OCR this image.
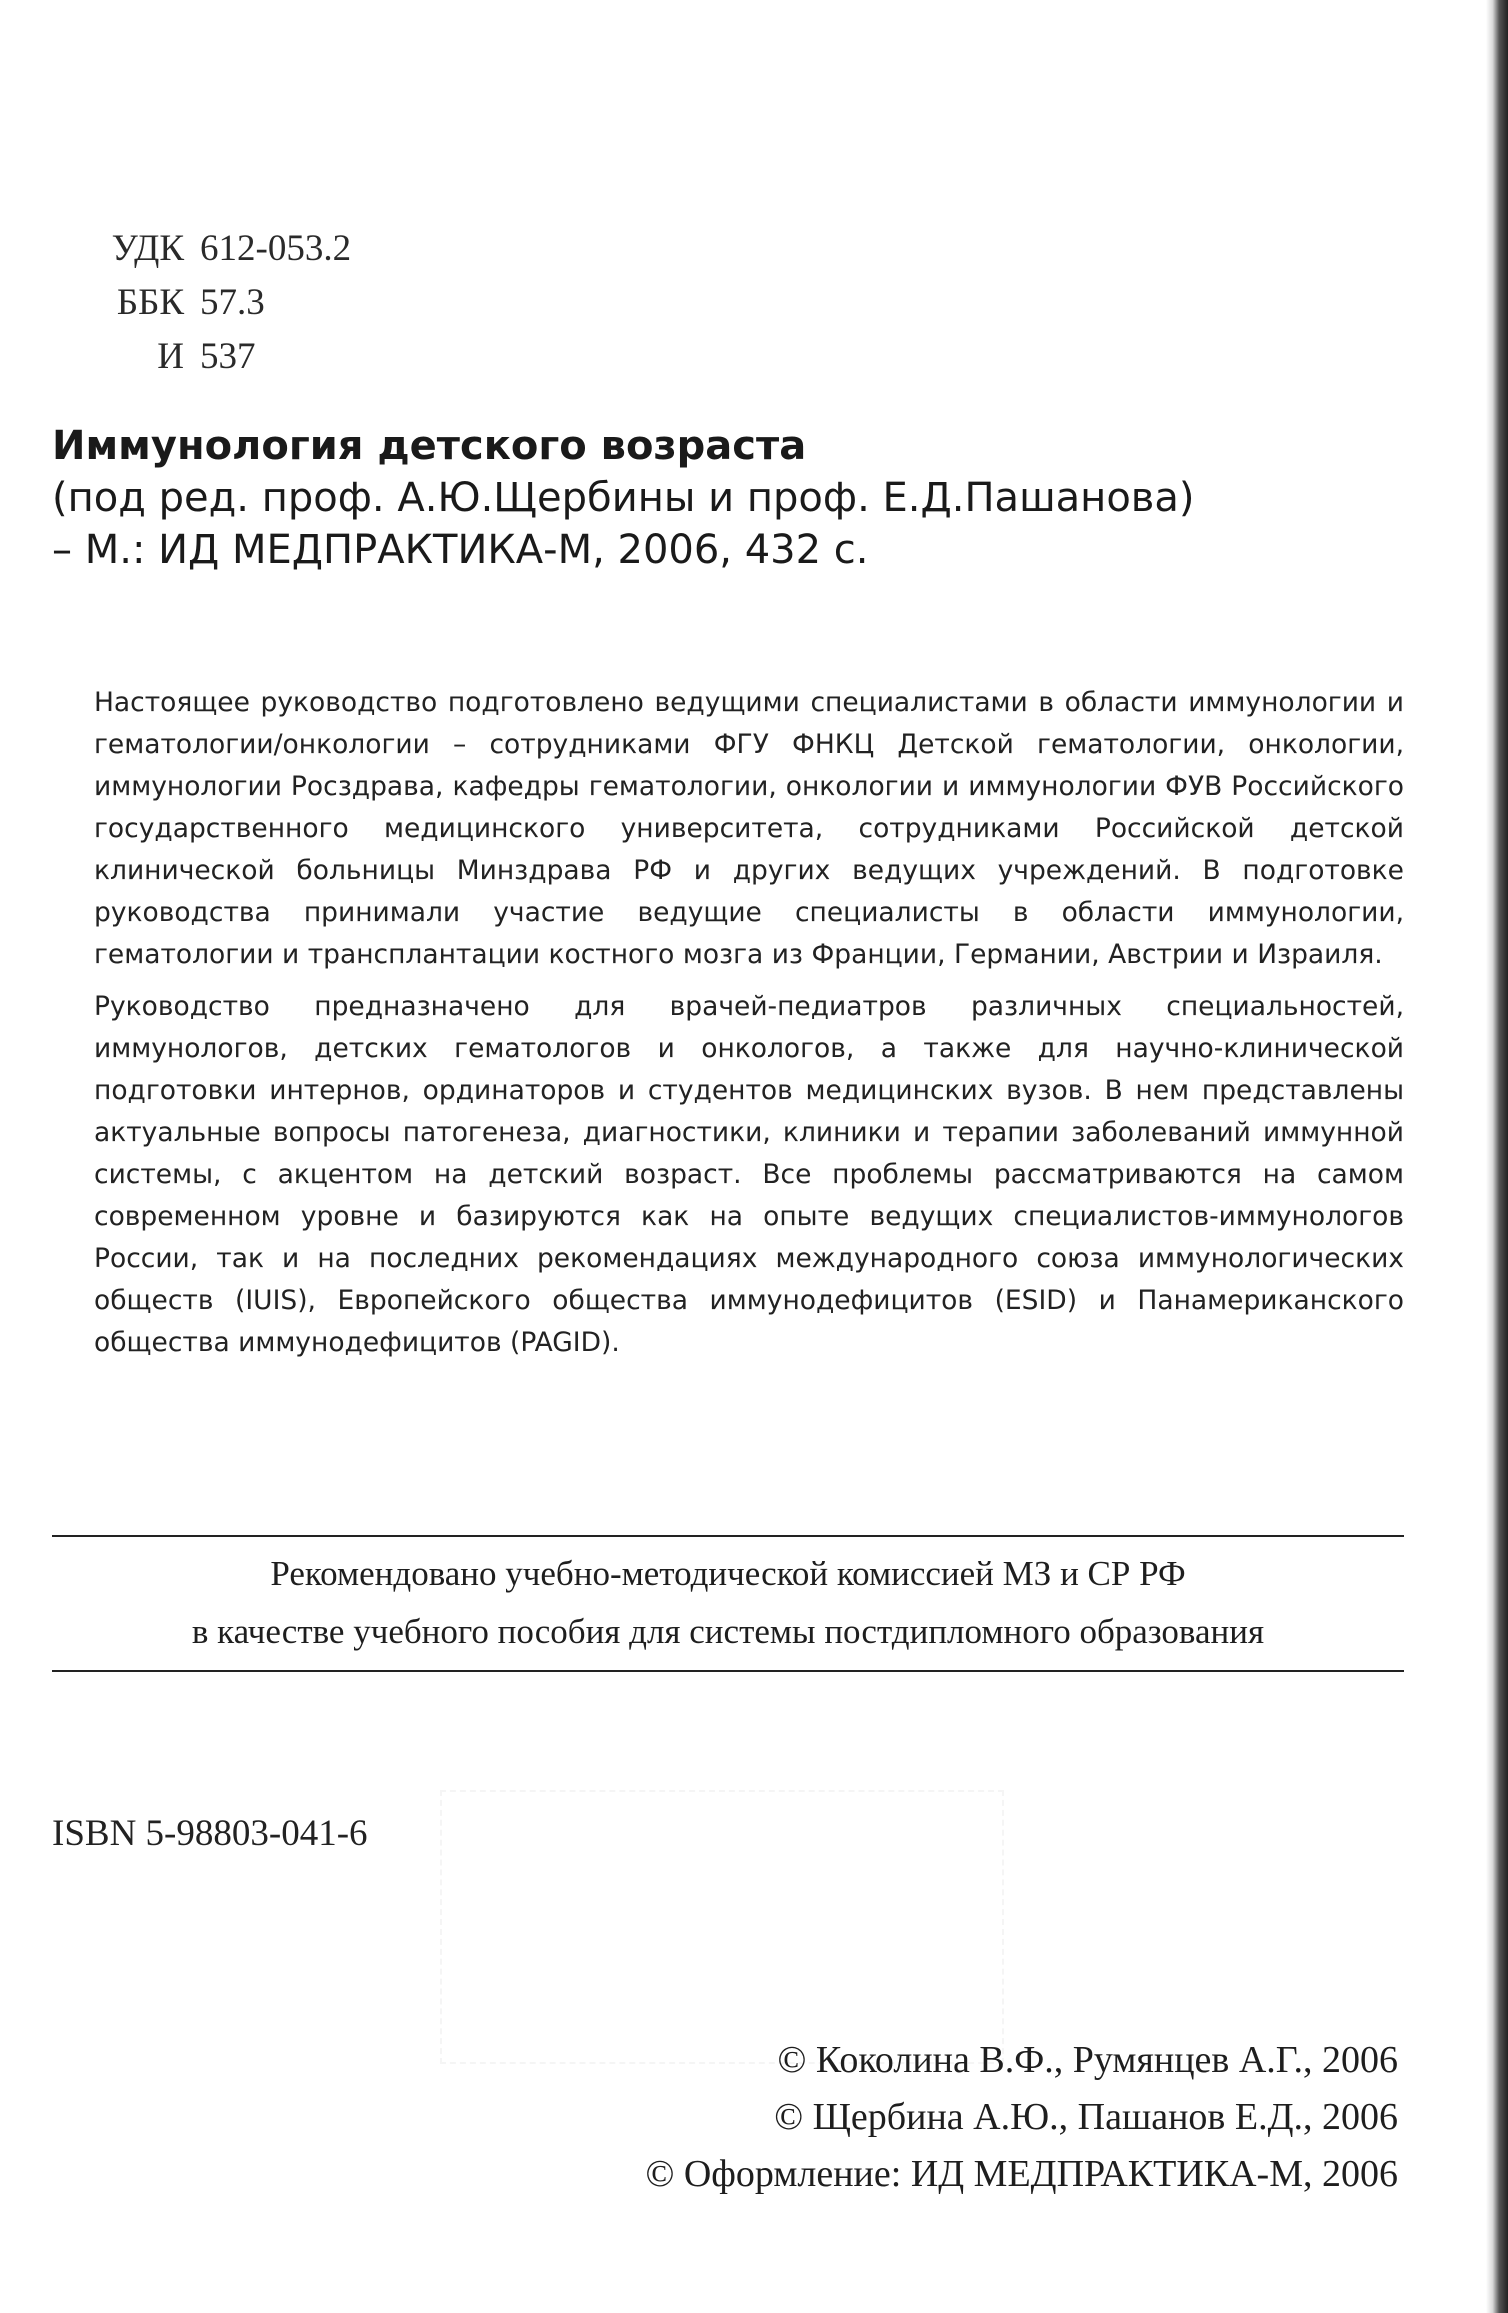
УДК 612-053.2
ББК 57.3
И 537
Иммунология детского возраста
(под ред. проф. А.Ю.Щербины и проф. Е.Д.Пашанова)
– М.: ИД МЕДПРАКТИКА-М, 2006, 432 с.

Настоящее руководство подготовлено ведущими специалистами в области иммунологии и гематологии/онкологии – сотрудниками ФГУ ФНКЦ Детской гематологии, онкологии, иммунологии Росздрава, кафедры гематологии, онкологии и иммунологии ФУВ Российского государственного медицинского университета, сотрудниками Российской детской клинической больницы Минздрава РФ и других ведущих учреждений. В подготовке руководства принимали участие ведущие специалисты в области иммунологии, гематологии и трансплантации костного мозга из Франции, Германии, Австрии и Израиля.

Руководство предназначено для врачей-педиатров различных специальностей, иммунологов, детских гематологов и онкологов, а также для научно-клинической подготовки интернов, ординаторов и студентов медицинских вузов. В нем представлены актуальные вопросы патогенеза, диагностики, клиники и терапии заболеваний иммунной системы, с акцентом на детский возраст. Все проблемы рассматриваются на самом современном уровне и базируются как на опыте ведущих специалистов-иммунологов России, так и на последних рекомендациях международного союза иммунологических обществ (IUIS), Европейского общества иммунодефицитов (ESID) и Панамериканского общества иммунодефицитов (PAGID).

Рекомендовано учебно-методической комиссией МЗ и СР РФ
в качестве учебного пособия для системы постдипломного образования
ISBN 5-98803-041-6
© Коколина В.Ф., Румянцев А.Г., 2006
© Щербина А.Ю., Пашанов Е.Д., 2006
© Оформление: ИД МЕДПРАКТИКА-М, 2006
